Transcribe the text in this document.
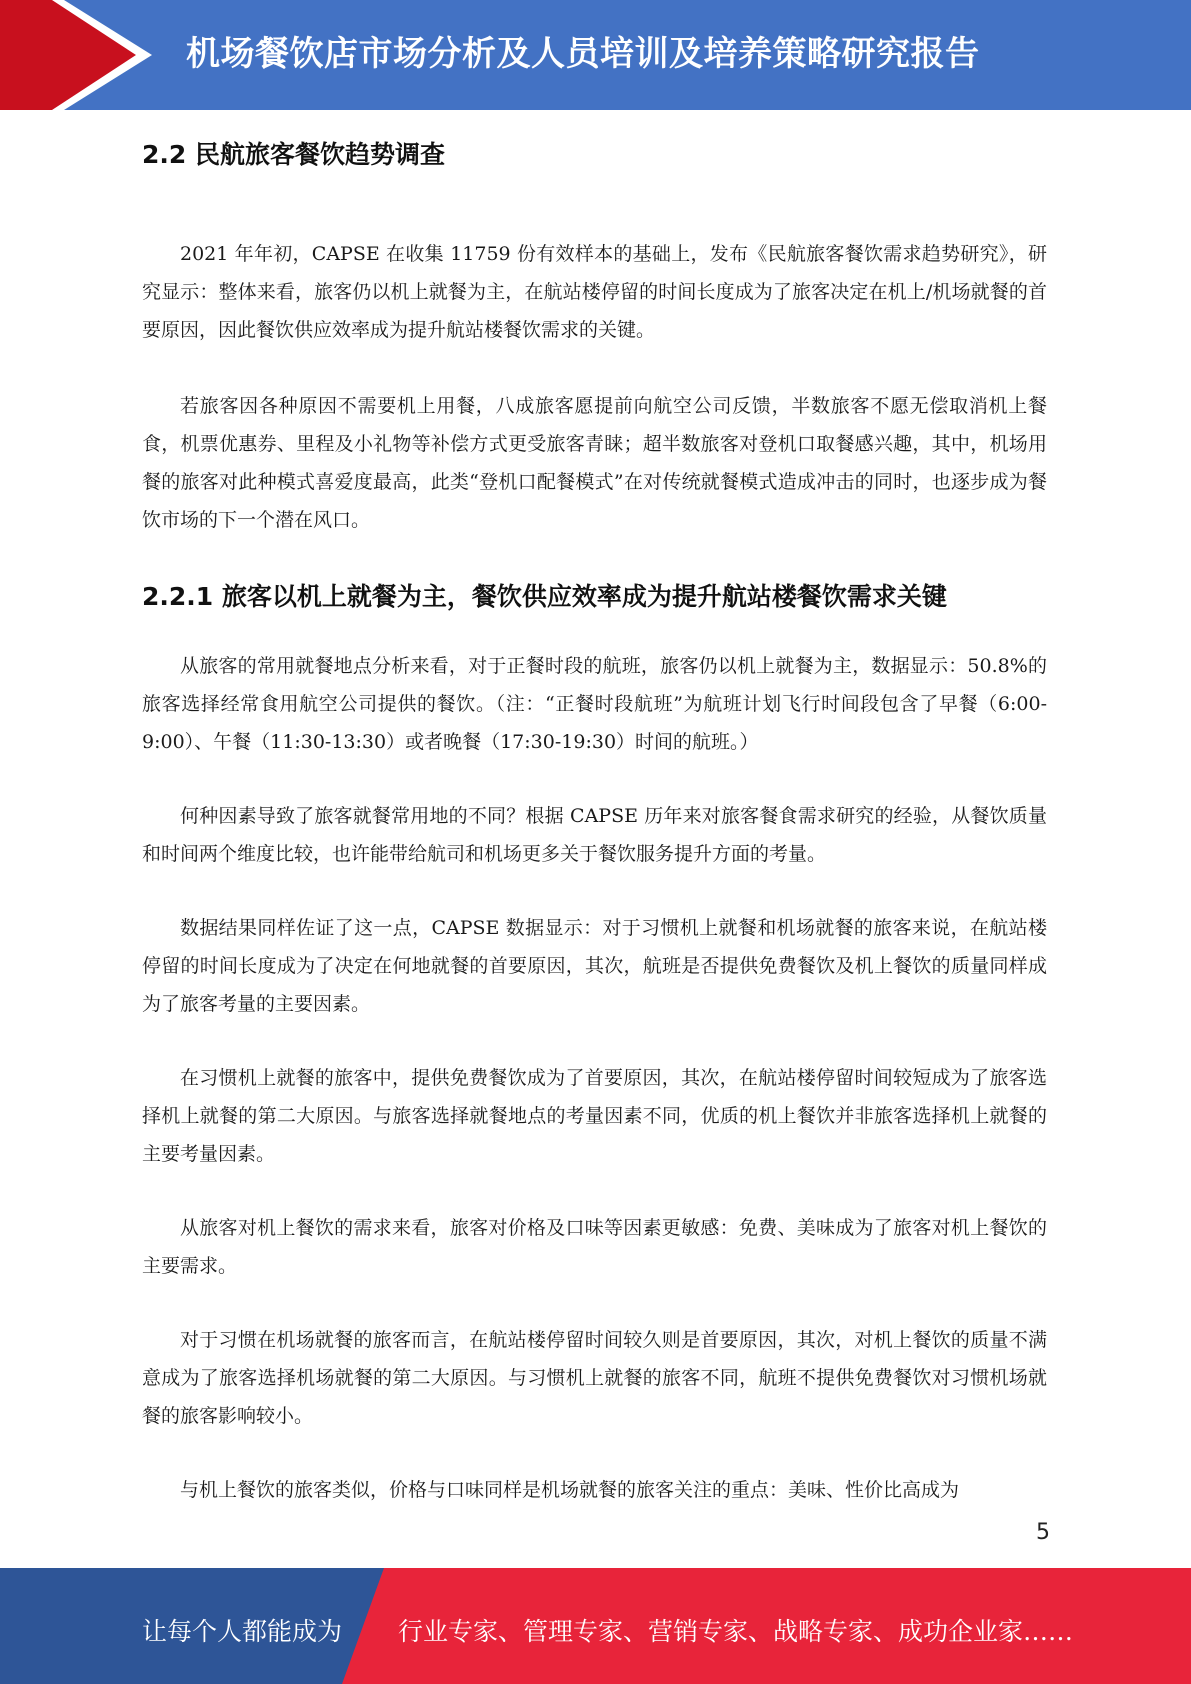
机场餐饮店市场分析及人员培训及培养策略研究报告
2.2 民航旅客餐饮趋势调查

2021 年年初，CAPSE 在收集 11759 份有效样本的基础上，发布《民航旅客餐饮需求趋势研究》，研究显示：整体来看，旅客仍以机上就餐为主，在航站楼停留的时间长度成为了旅客决定在机上/机场就餐的首要原因，因此餐饮供应效率成为提升航站楼餐饮需求的关键。

若旅客因各种原因不需要机上用餐，八成旅客愿提前向航空公司反馈，半数旅客不愿无偿取消机上餐食，机票优惠券、里程及小礼物等补偿方式更受旅客青睐；超半数旅客对登机口取餐感兴趣，其中，机场用餐的旅客对此种模式喜爱度最高，此类“登机口配餐模式”在对传统就餐模式造成冲击的同时，也逐步成为餐饮市场的下一个潜在风口。

2.2.1 旅客以机上就餐为主，餐饮供应效率成为提升航站楼餐饮需求关键

从旅客的常用就餐地点分析来看，对于正餐时段的航班，旅客仍以机上就餐为主，数据显示：50.8%的旅客选择经常食用航空公司提供的餐饮。（注：“正餐时段航班”为航班计划飞行时间段包含了早餐（6:00-9:00）、午餐（11:30-13:30）或者晚餐（17:30-19:30）时间的航班。）

何种因素导致了旅客就餐常用地的不同？根据 CAPSE 历年来对旅客餐食需求研究的经验，从餐饮质量和时间两个维度比较，也许能带给航司和机场更多关于餐饮服务提升方面的考量。

数据结果同样佐证了这一点，CAPSE 数据显示：对于习惯机上就餐和机场就餐的旅客来说，在航站楼停留的时间长度成为了决定在何地就餐的首要原因，其次，航班是否提供免费餐饮及机上餐饮的质量同样成为了旅客考量的主要因素。

在习惯机上就餐的旅客中，提供免费餐饮成为了首要原因，其次，在航站楼停留时间较短成为了旅客选择机上就餐的第二大原因。与旅客选择就餐地点的考量因素不同，优质的机上餐饮并非旅客选择机上就餐的主要考量因素。

从旅客对机上餐饮的需求来看，旅客对价格及口味等因素更敏感：免费、美味成为了旅客对机上餐饮的主要需求。

对于习惯在机场就餐的旅客而言，在航站楼停留时间较久则是首要原因，其次，对机上餐饮的质量不满意成为了旅客选择机场就餐的第二大原因。与习惯机上就餐的旅客不同，航班不提供免费餐饮对习惯机场就餐的旅客影响较小。

与机上餐饮的旅客类似，价格与口味同样是机场就餐的旅客关注的重点：美味、性价比高成为

5
让每个人都能成为 行业专家、管理专家、营销专家、战略专家、成功企业家……
